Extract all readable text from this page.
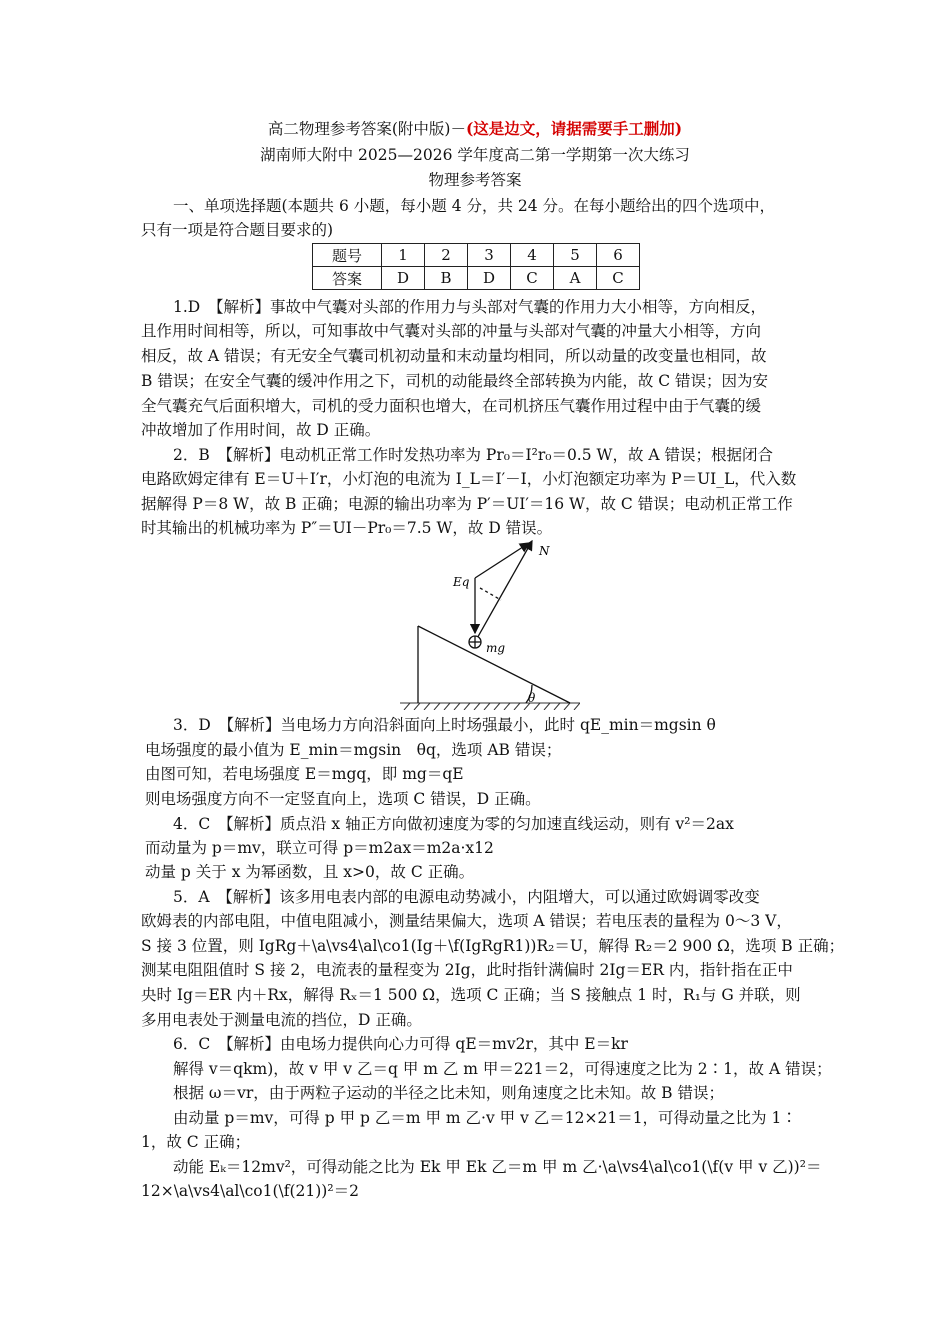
高二物理参考答案(附中版)－(这是边文，请据需要手工删加)
湖南师大附中 2025—2026 学年度高二第一学期第一次大练习
物理参考答案
一、单项选择题(本题共 6 小题，每小题 4 分，共 24 分。在每小题给出的四个选项中，
只有一项是符合题目要求的)
题号	1	2	3	4	5	6
答案	D	B	D	C	A	C
1.D　【解析】事故中气囊对头部的作用力与头部对气囊的作用力大小相等，方向相反，
且作用时间相等，所以，可知事故中气囊对头部的冲量与头部对气囊的冲量大小相等，方向
相反，故 A 错误；有无安全气囊司机初动量和末动量均相同，所以动量的改变量也相同，故
B 错误；在安全气囊的缓冲作用之下，司机的动能最终全部转换为内能，故 C 错误；因为安
全气囊充气后面积增大，司机的受力面积也增大，在司机挤压气囊作用过程中由于气囊的缓
冲故增加了作用时间，故 D 正确。
2．B　【解析】电动机正常工作时发热功率为 Pr₀＝I²r₀＝0.5 W，故 A 错误；根据闭合
电路欧姆定律有 E＝U＋I′r，小灯泡的电流为 I_L＝I′－I，小灯泡额定功率为 P＝UI_L，代入数
据解得 P＝8 W，故 B 正确；电源的输出功率为 P′＝UI′＝16 W，故 C 错误；电动机正常工作
时其输出的机械功率为 P″＝UI－Pr₀＝7.5 W，故 D 错误。
N
Eq
mg
θ
3．D　【解析】当电场力方向沿斜面向上时场强最小，此时 qE_min＝mgsin θ
电场强度的最小值为 E_min＝mgsin　θq，选项 AB 错误；
由图可知，若电场强度 E＝mgq，即 mg＝qE
则电场强度方向不一定竖直向上，选项 C 错误，D 正确。
4．C　【解析】质点沿 x 轴正方向做初速度为零的匀加速直线运动，则有 v²＝2ax
而动量为 p＝mv，联立可得 p＝m2ax＝m2a·x12
动量 p 关于 x 为幂函数，且 x>0，故 C 正确。
5．A　【解析】该多用电表内部的电源电动势减小，内阻增大，可以通过欧姆调零改变
欧姆表的内部电阻，中值电阻减小，测量结果偏大，选项 A 错误；若电压表的量程为 0～3 V，
S 接 3 位置，则 IgRg＋\a\vs4\al\co1(Ig＋\f(IgRgR1))R₂＝U，解得 R₂＝2 900 Ω，选项 B 正确；
测某电阻阻值时 S 接 2，电流表的量程变为 2Ig，此时指针满偏时 2Ig＝ER 内，指针指在正中
央时 Ig＝ER 内＋Rx，解得 Rₓ＝1 500 Ω，选项 C 正确；当 S 接触点 1 时，R₁与 G 并联，则
多用电表处于测量电流的挡位，D 正确。
6．C　【解析】由电场力提供向心力可得 qE＝mv2r，其中 E＝kr
解得 v＝qkm)，故 v 甲 v 乙＝q 甲 m 乙 m 甲＝221＝2，可得速度之比为 2∶1，故 A 错误；
根据 ω＝vr，由于两粒子运动的半径之比未知，则角速度之比未知。故 B 错误；
由动量 p＝mv，可得 p 甲 p 乙＝m 甲 m 乙·v 甲 v 乙＝12×21＝1，可得动量之比为 1∶
1，故 C 正确；
动能 Eₖ＝12mv²，可得动能之比为 Ek 甲 Ek 乙＝m 甲 m 乙·\a\vs4\al\co1(\f(v 甲 v 乙))²＝
12×\a\vs4\al\co1(\f(21))²＝2
